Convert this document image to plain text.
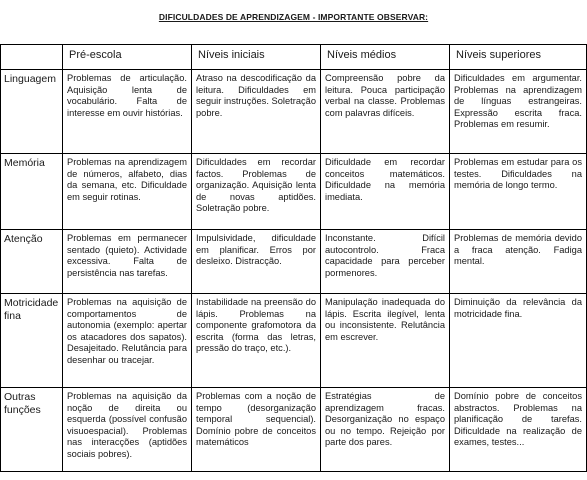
DIFICULDADES DE APRENDIZAGEM - IMPORTANTE OBSERVAR:
	Pré-escola	Níveis iniciais	Níveis médios	Níveis superiores
Linguagem	Problemas de articulação. Aquisição lenta de vocabulário. Falta de interesse em ouvir histórias.	Atraso na descodificação da leitura. Dificuldades em seguir instruções. Soletração pobre.	Compreensão pobre da leitura. Pouca participação verbal na classe. Problemas com palavras difíceis.	Dificuldades em argumentar. Problemas na aprendizagem de línguas estrangeiras. Expressão escrita fraca. Problemas em resumir.
Memória	Problemas na aprendizagem de números, alfabeto, dias da semana, etc. Dificuldade em seguir rotinas.	Dificuldades em recordar factos. Problemas de organização. Aquisição lenta de novas aptidões. Soletração pobre.	Dificuldade em recordar conceitos matemáticos. Dificuldade na memória imediata.	Problemas em estudar para os testes. Dificuldades na memória de longo termo.
Atenção	Problemas em permanecer sentado (quieto). Actividade excessiva. Falta de persistência nas tarefas.	Impulsividade, dificuldade em planificar. Erros por desleixo. Distracção.	Inconstante. Difícil autocontrolo. Fraca capacidade para perceber pormenores.	Problemas de memória devido a fraca atenção. Fadiga mental.
Motricidade fina	Problemas na aquisição de comportamentos de autonomia (exemplo: apertar os atacadores dos sapatos). Desajeitado. Relutância para desenhar ou tracejar.	Instabilidade na preensão do lápis. Problemas na componente grafomotora da escrita (forma das letras, pressão do traço, etc.).	Manipulação inadequada do lápis. Escrita ilegível, lenta ou inconsistente. Relutância em escrever.	Diminuição da relevância da motricidade fina.
Outras funções	Problemas na aquisição da noção de direita ou esquerda (possível confusão visuoespacial). Problemas nas interacções (aptidões sociais pobres).	Problemas com a noção de tempo (desorganização temporal sequencial). Domínio pobre de conceitos matemáticos	Estratégias de aprendizagem fracas. Desorganização no espaço ou no tempo. Rejeição por parte dos pares.	Domínio pobre de conceitos abstractos. Problemas na planificação de tarefas. Dificuldade na realização de exames, testes...
